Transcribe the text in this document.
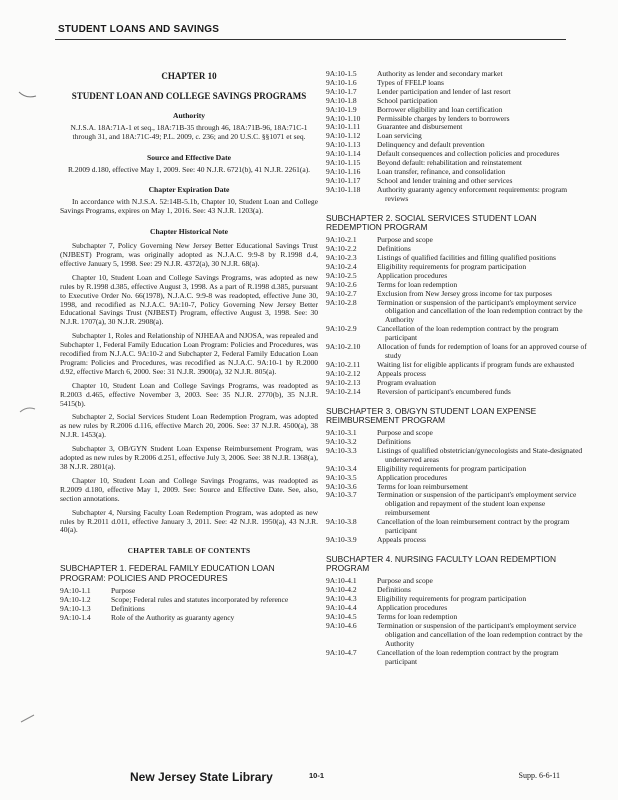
STUDENT LOANS AND SAVINGS
CHAPTER 10
STUDENT LOAN AND COLLEGE SAVINGS PROGRAMS
Authority
N.J.S.A. 18A:71A-1 et seq., 18A:71B-35 through 46, 18A:71B-96, 18A:71C-1 through 31, and 18A:71C-49; P.L. 2009, c. 236; and 20 U.S.C. §§1071 et seq.
Source and Effective Date
R.2009 d.180, effective May 1, 2009. See: 40 N.J.R. 6721(b), 41 N.J.R. 2261(a).
Chapter Expiration Date
In accordance with N.J.S.A. 52:14B-5.1b, Chapter 10, Student Loan and College Savings Programs, expires on May 1, 2016. See: 43 N.J.R. 1203(a).
Chapter Historical Note

Subchapter 7, Policy Governing New Jersey Better Educational Savings Trust (NJBEST) Program, was originally adopted as N.J.A.C. 9:9-8 by R.1998 d.4, effective January 5, 1998. See: 29 N.J.R. 4372(a), 30 N.J.R. 68(a).

Chapter 10, Student Loan and College Savings Programs, was adopted as new rules by R.1998 d.385, effective August 3, 1998. As a part of R.1998 d.385, pursuant to Executive Order No. 66(1978), N.J.A.C. 9:9-8 was readopted, effective June 30, 1998, and recodified as N.J.A.C. 9A:10-7, Policy Governing New Jersey Better Educational Savings Trust (NJBEST) Program, effective August 3, 1998. See: 30 N.J.R. 1707(a), 30 N.J.R. 2908(a).

Subchapter 1, Roles and Relationship of NJHEAA and NJOSA, was repealed and Subchapter 1, Federal Family Education Loan Program: Policies and Procedures, was recodified from N.J.A.C. 9A:10-2 and Subchapter 2, Federal Family Education Loan Program: Policies and Procedures, was recodified as N.J.A.C. 9A:10-1 by R.2000 d.92, effective March 6, 2000. See: 31 N.J.R. 3900(a), 32 N.J.R. 805(a).

Chapter 10, Student Loan and College Savings Programs, was readopted as R.2003 d.465, effective November 3, 2003. See: 35 N.J.R. 2770(b), 35 N.J.R. 5415(b).

Subchapter 2, Social Services Student Loan Redemption Program, was adopted as new rules by R.2006 d.116, effective March 20, 2006. See: 37 N.J.R. 4500(a), 38 N.J.R. 1453(a).

Subchapter 3, OB/GYN Student Loan Expense Reimbursement Program, was adopted as new rules by R.2006 d.251, effective July 3, 2006. See: 38 N.J.R. 1368(a), 38 N.J.R. 2801(a).

Chapter 10, Student Loan and College Savings Programs, was readopted as R.2009 d.180, effective May 1, 2009. See: Source and Effective Date. See, also, section annotations.

Subchapter 4, Nursing Faculty Loan Redemption Program, was adopted as new rules by R.2011 d.011, effective January 3, 2011. See: 42 N.J.R. 1950(a), 43 N.J.R. 40(a).

CHAPTER TABLE OF CONTENTS
SUBCHAPTER 1. FEDERAL FAMILY EDUCATION LOAN PROGRAM: POLICIES AND PROCEDURES
9A:10-1.1	Purpose
9A:10-1.2	Scope; Federal rules and statutes incorporated by reference
9A:10-1.3	Definitions
9A:10-1.4	Role of the Authority as guaranty agency
9A:10-1.5	Authority as lender and secondary market
9A:10-1.6	Types of FFELP loans
9A:10-1.7	Lender participation and lender of last resort
9A:10-1.8	School participation
9A:10-1.9	Borrower eligibility and loan certification
9A:10-1.10	Permissible charges by lenders to borrowers
9A:10-1.11	Guarantee and disbursement
9A:10-1.12	Loan servicing
9A:10-1.13	Delinquency and default prevention
9A:10-1.14	Default consequences and collection policies and procedures
9A:10-1.15	Beyond default: rehabilitation and reinstatement
9A:10-1.16	Loan transfer, refinance, and consolidation
9A:10-1.17	School and lender training and other services
9A:10-1.18	Authority guaranty agency enforcement requirements: program reviews
SUBCHAPTER 2. SOCIAL SERVICES STUDENT LOAN REDEMPTION PROGRAM
9A:10-2.1	Purpose and scope
9A:10-2.2	Definitions
9A:10-2.3	Listings of qualified facilities and filling qualified positions
9A:10-2.4	Eligibility requirements for program participation
9A:10-2.5	Application procedures
9A:10-2.6	Terms for loan redemption
9A:10-2.7	Exclusion from New Jersey gross income for tax purposes
9A:10-2.8	Termination or suspension of the participant's employment service obligation and cancellation of the loan redemption contract by the Authority
9A:10-2.9	Cancellation of the loan redemption contract by the program participant
9A:10-2.10	Allocation of funds for redemption of loans for an approved course of study
9A:10-2.11	Waiting list for eligible applicants if program funds are exhausted
9A:10-2.12	Appeals process
9A:10-2.13	Program evaluation
9A:10-2.14	Reversion of participant's encumbered funds
SUBCHAPTER 3. OB/GYN STUDENT LOAN EXPENSE REIMBURSEMENT PROGRAM
9A:10-3.1	Purpose and scope
9A:10-3.2	Definitions
9A:10-3.3	Listings of qualified obstetrician/gynecologists and State-designated underserved areas
9A:10-3.4	Eligibility requirements for program participation
9A:10-3.5	Application procedures
9A:10-3.6	Terms for loan reimbursement
9A:10-3.7	Termination or suspension of the participant's employment service obligation and repayment of the student loan expense reimbursement
9A:10-3.8	Cancellation of the loan reimbursement contract by the program participant
9A:10-3.9	Appeals process
SUBCHAPTER 4. NURSING FACULTY LOAN REDEMPTION PROGRAM
9A:10-4.1	Purpose and scope
9A:10-4.2	Definitions
9A:10-4.3	Eligibility requirements for program participation
9A:10-4.4	Application procedures
9A:10-4.5	Terms for loan redemption
9A:10-4.6	Termination or suspension of the participant's employment service obligation and cancellation of the loan redemption contract by the Authority
9A:10-4.7	Cancellation of the loan redemption contract by the program participant
New Jersey State Library	10-1	Supp. 6-6-11
